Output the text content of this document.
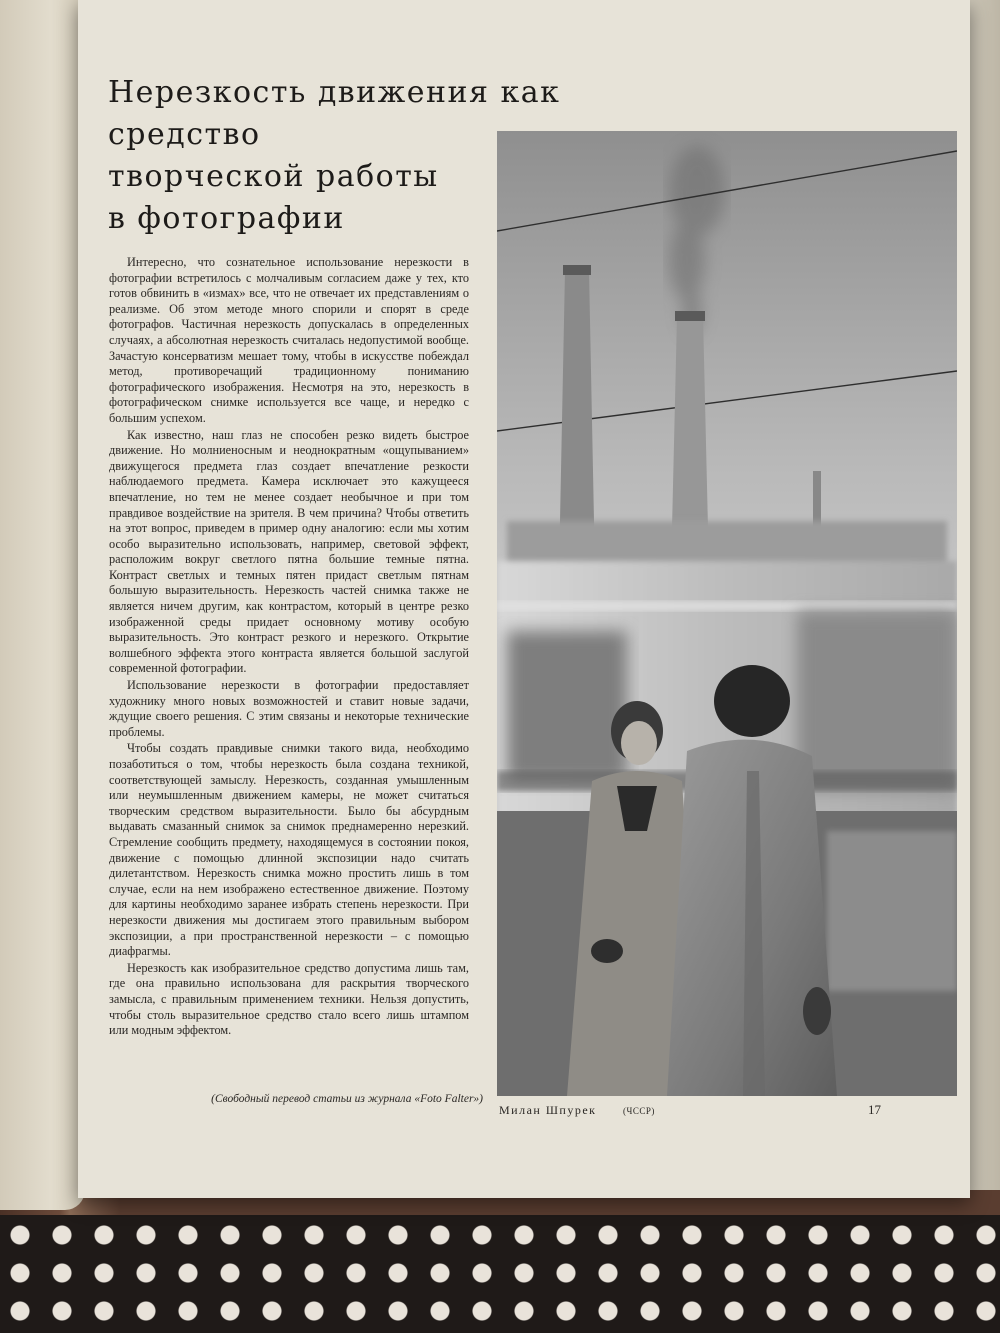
Нерезкость движения как средство
творческой работы
в фотографии

Интересно, что сознательное использование нерезкости в фотографии встретилось с молчаливым согласием даже у тех, кто готов обвинить в «измах» все, что не отвечает их представлениям о реализме. Об этом методе много спорили и спорят в среде фотографов. Частичная нерезкость допускалась в определенных случаях, а абсолютная нерезкость считалась недопустимой вообще. Зачастую консерватизм мешает тому, чтобы в искусстве побеждал метод, противоречащий традиционному пониманию фотографического изображения. Несмотря на это, нерезкость в фотографическом снимке используется все чаще, и нередко с большим успехом.

Как известно, наш глаз не способен резко видеть быстрое движение. Но молниеносным и неоднократным «ощупыванием» движущегося предмета глаз создает впечатление резкости наблюдаемого предмета. Камера исключает это кажущееся впечатление, но тем не менее создает необычное и при том правдивое воздействие на зрителя. В чем причина? Чтобы ответить на этот вопрос, приведем в пример одну аналогию: если мы хотим особо выразительно использовать, например, световой эффект, расположим вокруг светлого пятна большие темные пятна. Контраст светлых и темных пятен придаст светлым пятнам большую выразительность. Нерезкость частей снимка также не является ничем другим, как контрастом, который в центре резко изображенной среды придает основному мотиву особую выразительность. Это контраст резкого и нерезкого. Открытие волшебного эффекта этого контраста является большой заслугой современной фотографии.

Использование нерезкости в фотографии предоставляет художнику много новых возможностей и ставит новые задачи, ждущие своего решения. С этим связаны и некоторые технические проблемы.

Чтобы создать правдивые снимки такого вида, необходимо позаботиться о том, чтобы нерезкость была создана техникой, соответствующей замыслу. Нерезкость, созданная умышленным или неумышленным движением камеры, не может считаться творческим средством выразительности. Было бы абсурдным выдавать смазанный снимок за снимок преднамеренно нерезкий. Стремление сообщить предмету, находящемуся в состоянии покоя, движение с помощью длинной экспозиции надо считать дилетантством. Нерезкость снимка можно простить лишь в том случае, если на нем изображено естественное движение. Поэтому для картины необходимо заранее избрать степень нерезкости. При нерезкости движения мы достигаем этого правильным выбором экспозиции, а при пространственной нерезкости – с помощью диафрагмы.

Нерезкость как изобразительное средство допустима лишь там, где она правильно использована для раскрытия творческого замысла, с правильным применением техники. Нельзя допустить, чтобы столь выразительное средство стало всего лишь штампом или модным эффектом.

(Свободный перевод статьи из журнала «Foto Falter»)
Милан Шпурек	(ЧССР)	17
